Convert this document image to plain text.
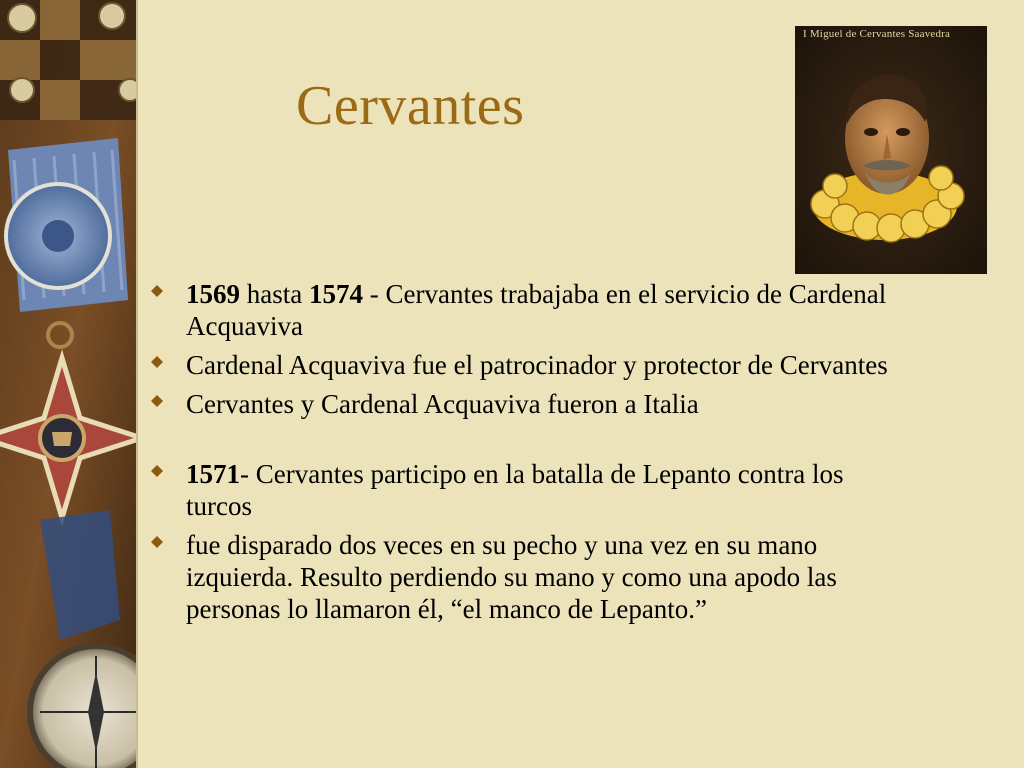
Cervantes
I Miguel de Cervantes Saavedra
1569 hasta 1574 - Cervantes trabajaba en el servicio de Cardenal Acquaviva
Cardenal Acquaviva fue el patrocinador y protector de Cervantes
Cervantes y Cardenal Acquaviva fueron a Italia
1571- Cervantes participo en la batalla de Lepanto contra los turcos
fue disparado dos veces en su pecho y una vez en su mano izquierda. Resulto perdiendo su mano y como una apodo las personas lo llamaron él, “el manco de Lepanto.”
